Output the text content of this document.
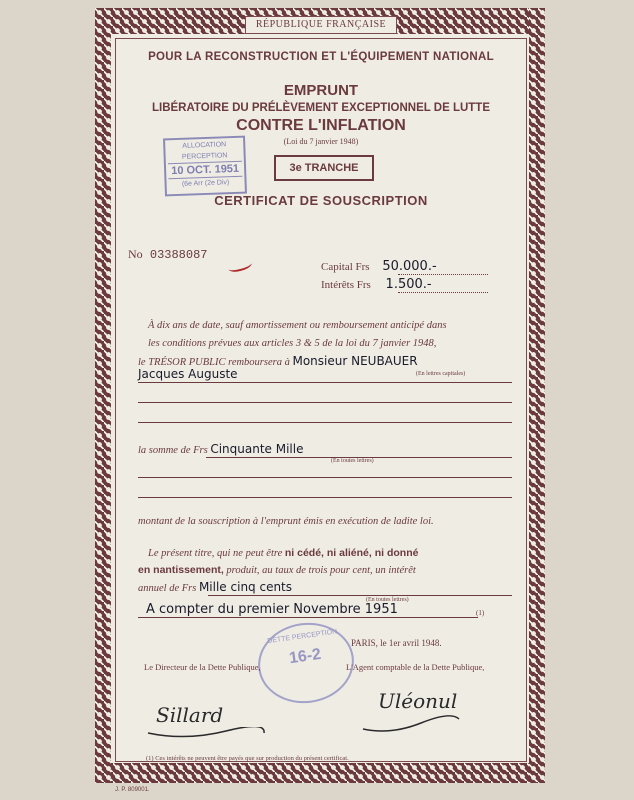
RÉPUBLIQUE FRANÇAISE
POUR LA RECONSTRUCTION ET L'ÉQUIPEMENT NATIONAL
EMPRUNT
LIBÉRATOIRE DU PRÉLÈVEMENT EXCEPTIONNEL DE LUTTE
CONTRE L'INFLATION
(Loi du 7 janvier 1948)
3e TRANCHE
CERTIFICAT DE SOUSCRIPTION
ALLOCATION
PERCEPTION
10 OCT. 1951
(6e Arr (2e Div)
No 03388087
Capital Frs 50.000.-
Intérêts Frs 1.500.-
À dix ans de date, sauf amortissement ou remboursement anticipé dans
les conditions prévues aux articles 3 & 5 de la loi du 7 janvier 1948,
le TRÉSOR PUBLIC remboursera à Monsieur NEUBAUER
(En lettres capitales)
Jacques Auguste
la somme de Frs Cinquante Mille
(En toutes lettres)
montant de la souscription à l'emprunt émis en exécution de ladite loi.
Le présent titre, qui ne peut être ni cédé, ni aliéné, ni donné
en nantissement, produit, au taux de trois pour cent, un intérêt
annuel de Frs Mille cinq cents
(En toutes lettres)
A compter du premier Novembre 1951	(1)
PARIS, le 1er avril 1948.
DETTE PERCEPTION
16-2
Le Directeur de la Dette Publique,	L'Agent comptable de la Dette Publique,
Sillard
Uléonul
(1) Ces intérêts ne peuvent être payés que sur production du présent certificat.
J. P. 809001.
